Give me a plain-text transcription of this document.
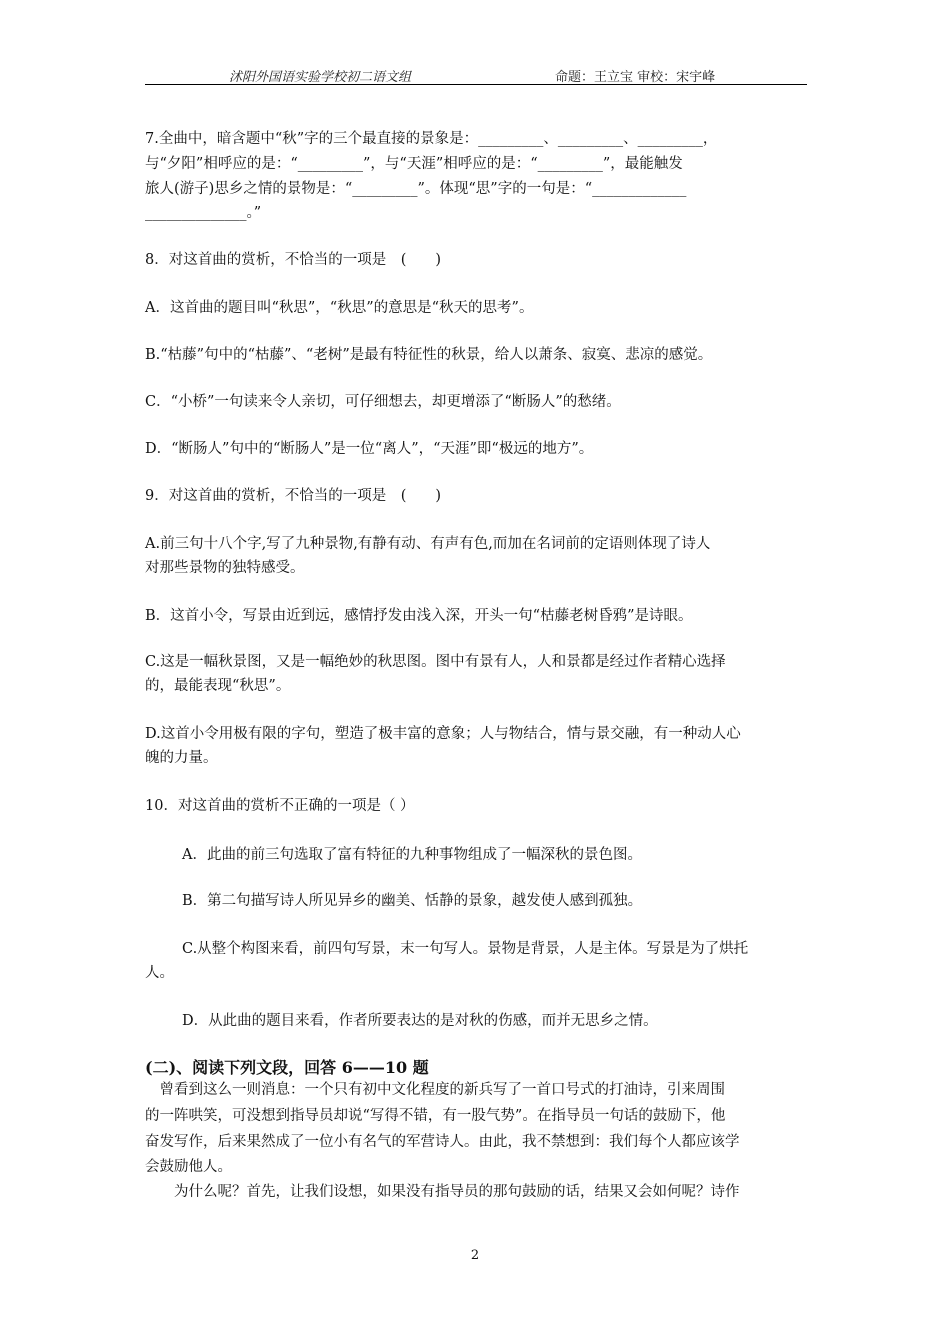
沭阳外国语实验学校初二语文组	命题：王立宝 审校：宋宇峰
7.全曲中，暗含题中“秋”字的三个最直接的景象是：_________、_________、_________，
与“夕阳”相呼应的是：“_________”，与“天涯”相呼应的是：“_________”，最能触发
旅人(游子)思乡之情的景物是：“_________”。体现“思”字的一句是：“_____________
______________。”
8．对这首曲的赏析，不恰当的一项是　(　　)
A．这首曲的题目叫“秋思”，“秋思”的意思是“秋天的思考”。
B.“枯藤”句中的“枯藤”、“老树”是最有特征性的秋景，给人以萧条、寂寞、悲凉的感觉。
C．“小桥”一句读来令人亲切，可仔细想去，却更增添了“断肠人”的愁绪。
D．“断肠人”句中的“断肠人”是一位“离人”，“天涯”即“极远的地方”。
9．对这首曲的赏析，不恰当的一项是　(　　)
A.前三句十八个字,写了九种景物,有静有动、有声有色,而加在名词前的定语则体现了诗人
对那些景物的独特感受。
B．这首小令，写景由近到远，感情抒发由浅入深，开头一句“枯藤老树昏鸦”是诗眼。
C.这是一幅秋景图，又是一幅绝妙的秋思图。图中有景有人，人和景都是经过作者精心选择
的，最能表现“秋思”。
D.这首小令用极有限的字句，塑造了极丰富的意象；人与物结合，情与景交融，有一种动人心
魄的力量。
10．对这首曲的赏析不正确的一项是（ ）
A．此曲的前三句选取了富有特征的九种事物组成了一幅深秋的景色图。
B．第二句描写诗人所见异乡的幽美、恬静的景象，越发使人感到孤独。
C.从整个构图来看，前四句写景，末一句写人。景物是背景，人是主体。写景是为了烘托
人。
D．从此曲的题目来看，作者所要表达的是对秋的伤感，而并无思乡之情。
(二)、阅读下列文段，回答 6——10 题
　曾看到这么一则消息：一个只有初中文化程度的新兵写了一首口号式的打油诗，引来周围
的一阵哄笑，可没想到指导员却说“写得不错，有一股气势”。在指导员一句话的鼓励下，他
奋发写作，后来果然成了一位小有名气的军营诗人。由此，我不禁想到：我们每个人都应该学
会鼓励他人。
　　为什么呢？首先，让我们设想，如果没有指导员的那句鼓励的话，结果又会如何呢？诗作
2
